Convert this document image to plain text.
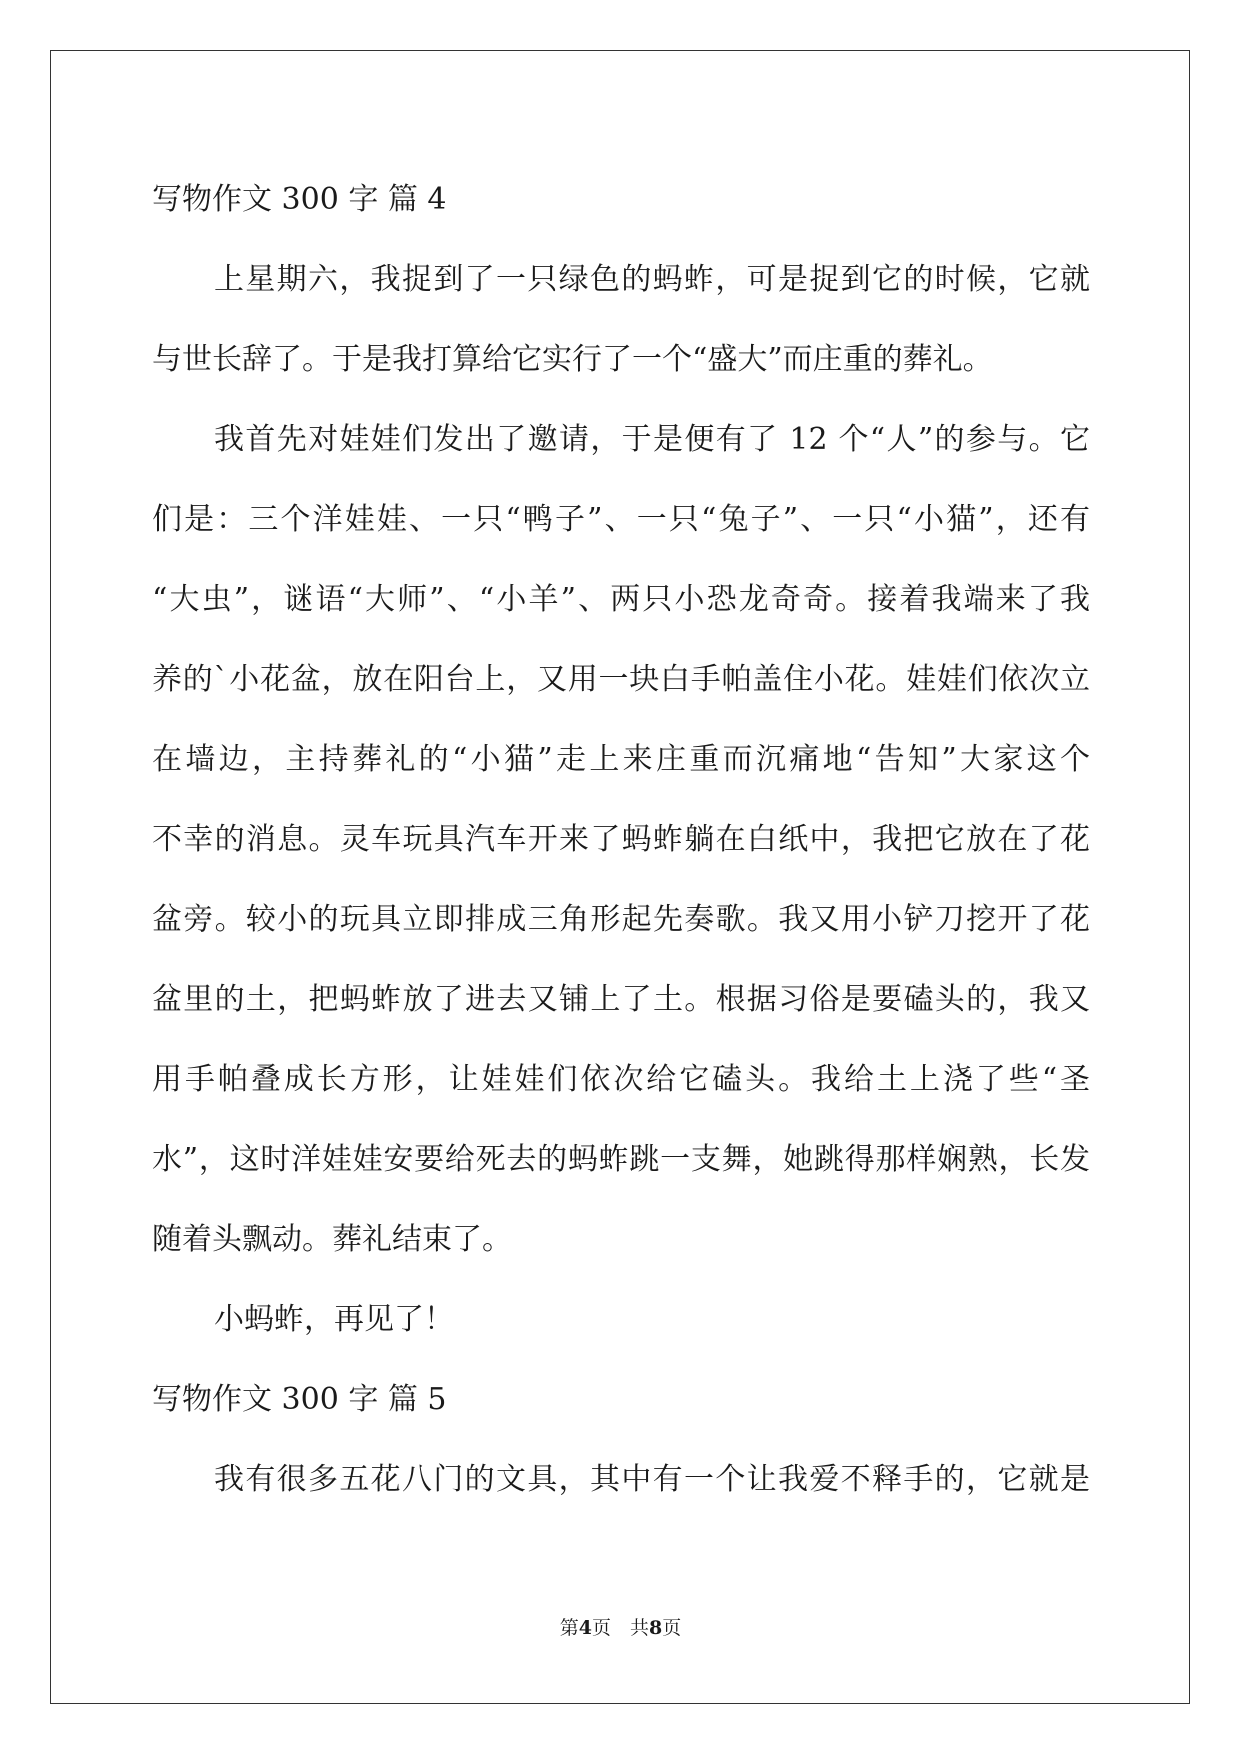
写物作文 300 字 篇 4
上星期六，我捉到了一只绿色的蚂蚱，可是捉到它的时候，它就
与世长辞了。于是我打算给它实行了一个“盛大”而庄重的葬礼。
我首先对娃娃们发出了邀请，于是便有了 12 个“人”的参与。它
们是：三个洋娃娃、一只“鸭子”、一只“兔子”、一只“小猫”，还有
“大虫”，谜语“大师”、“小羊”、两只小恐龙奇奇。接着我端来了我
养的`小花盆，放在阳台上，又用一块白手帕盖住小花。娃娃们依次立
在墙边，主持葬礼的“小猫”走上来庄重而沉痛地“告知”大家这个
不幸的消息。灵车玩具汽车开来了蚂蚱躺在白纸中，我把它放在了花
盆旁。较小的玩具立即排成三角形起先奏歌。我又用小铲刀挖开了花
盆里的土，把蚂蚱放了进去又铺上了土。根据习俗是要磕头的，我又
用手帕叠成长方形，让娃娃们依次给它磕头。我给土上浇了些“圣
水”，这时洋娃娃安要给死去的蚂蚱跳一支舞，她跳得那样娴熟，长发
随着头飘动。葬礼结束了。
小蚂蚱，再见了！
写物作文 300 字 篇 5
我有很多五花八门的文具，其中有一个让我爱不释手的，它就是
第4页　共8页
